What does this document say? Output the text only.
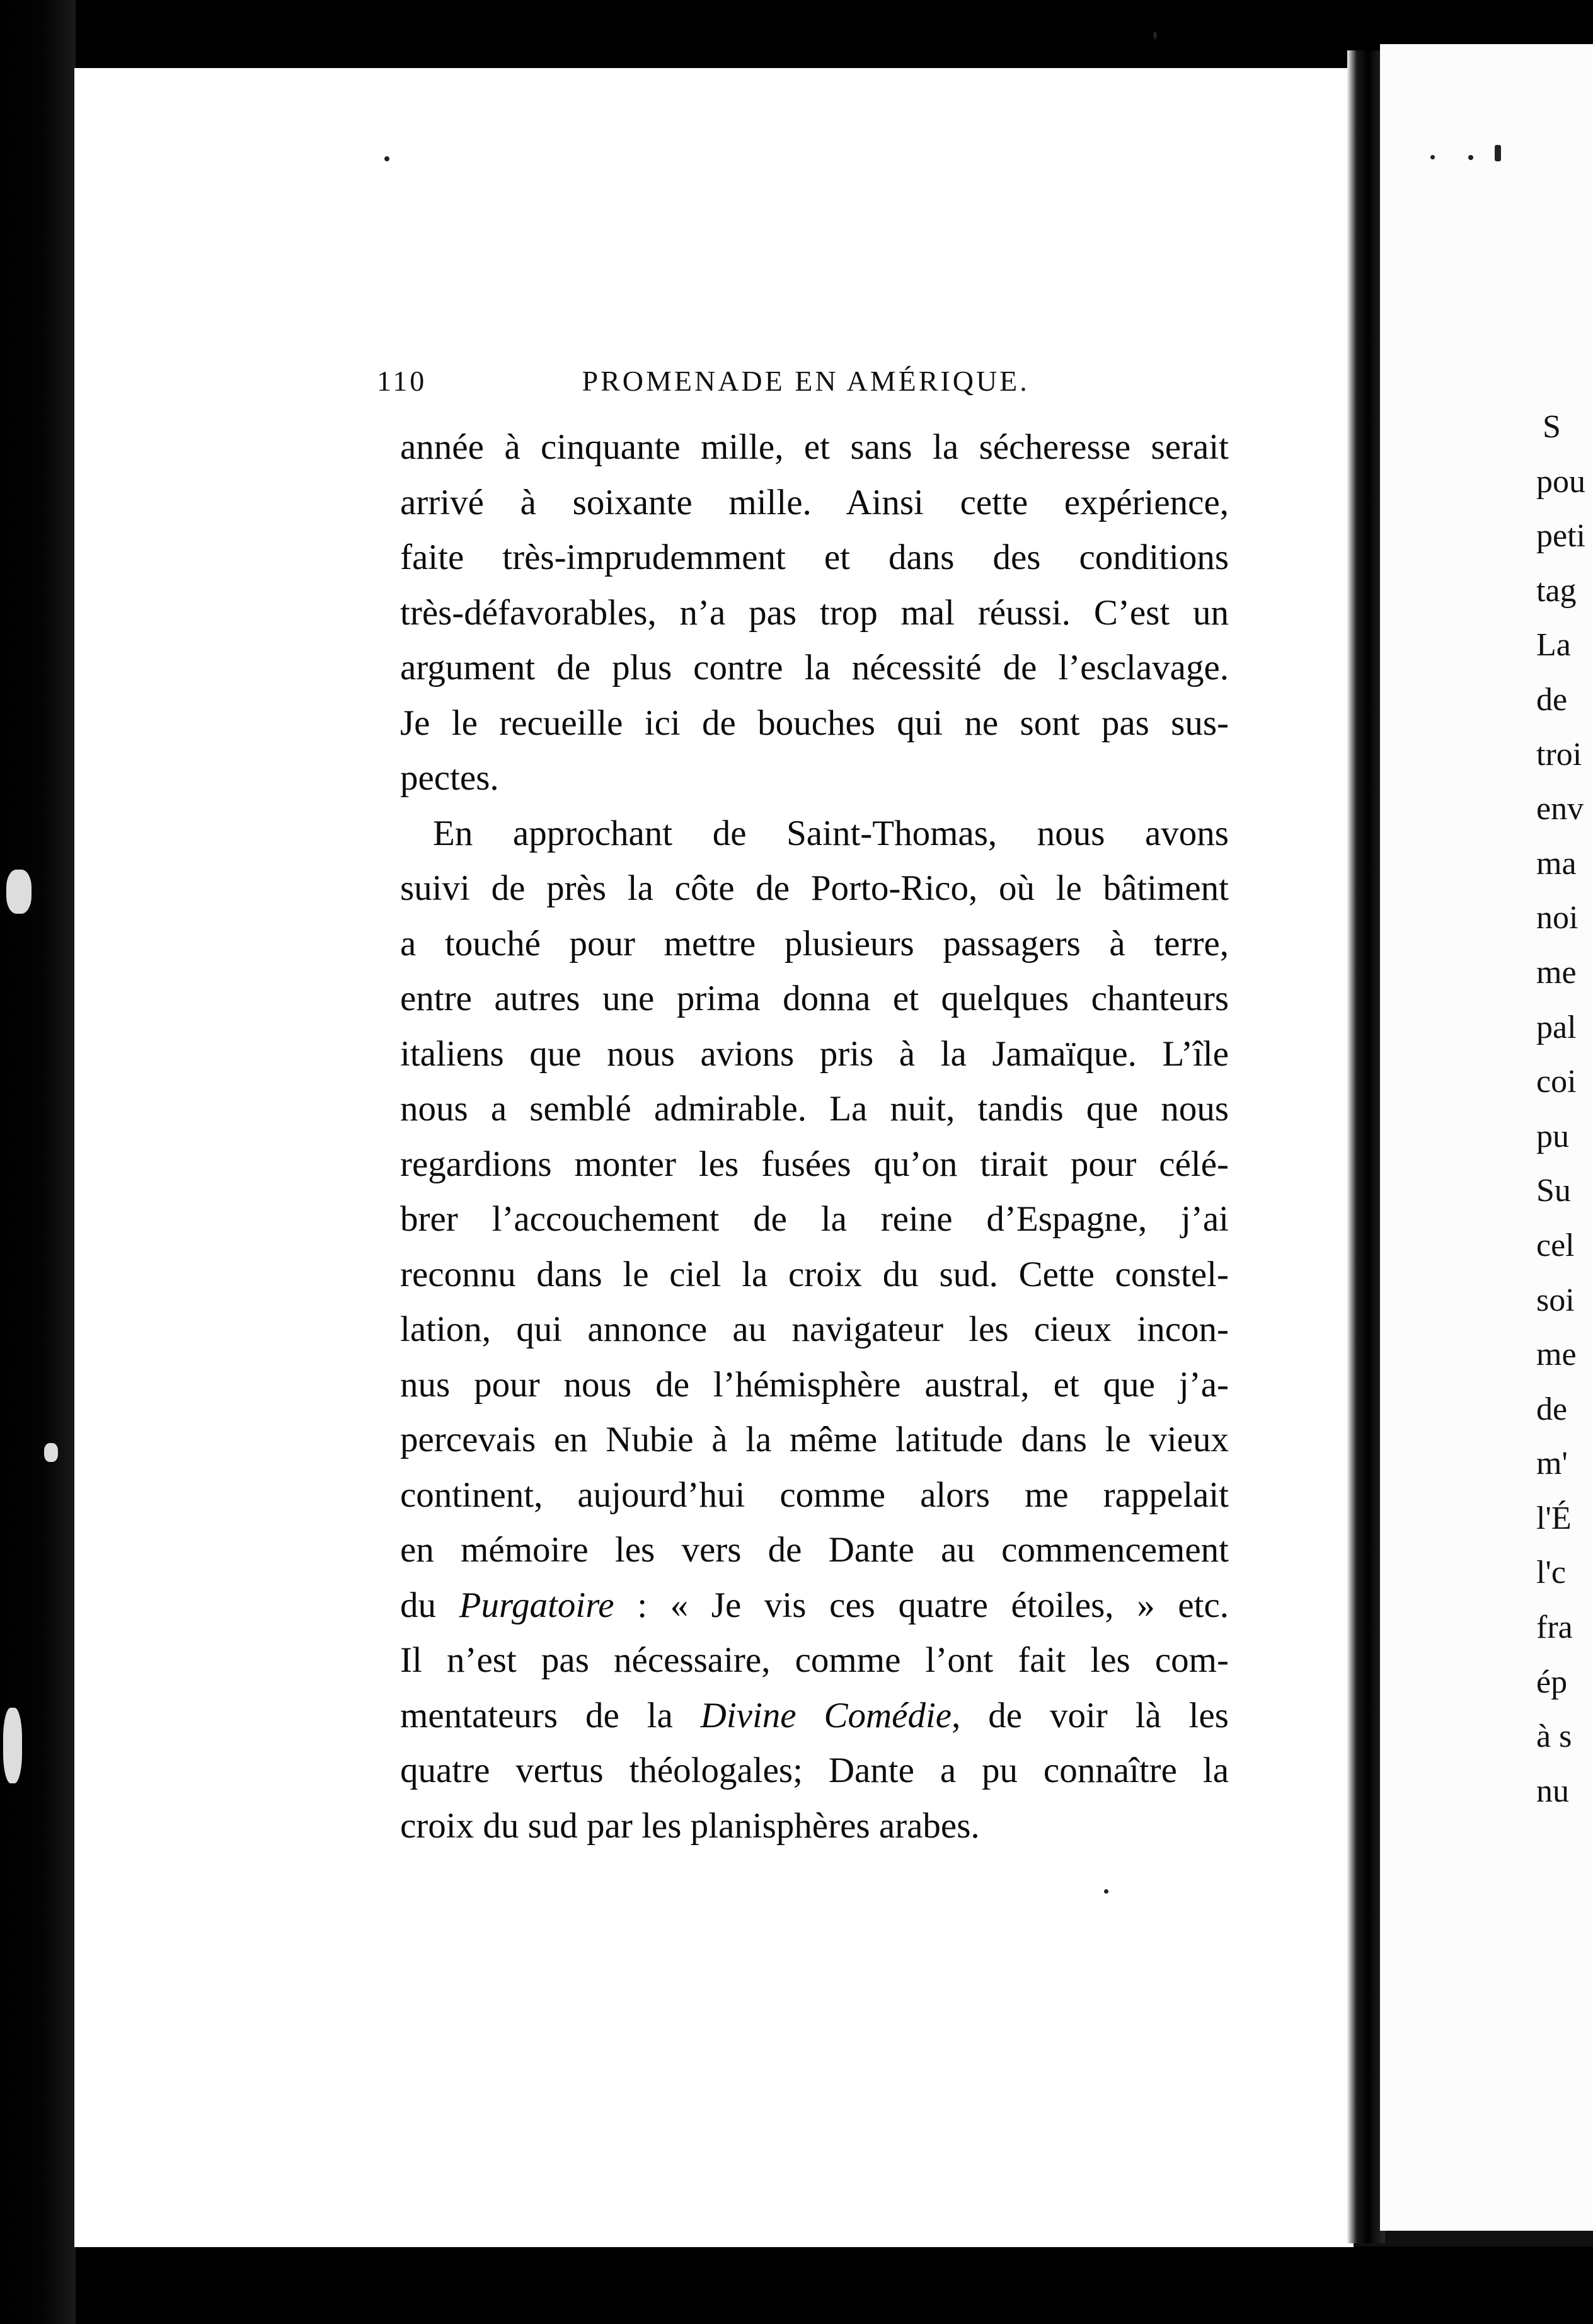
110	PROMENADE EN AMÉRIQUE.
année à cinquante mille, et sans la sécheresse serait
arrivé à soixante mille. Ainsi cette expérience,
faite très-imprudemment et dans des conditions
très-défavorables, n’a pas trop mal réussi. C’est un
argument de plus contre la nécessité de l’esclavage.
Je le recueille ici de bouches qui ne sont pas sus-
pectes.
En approchant de Saint-Thomas, nous avons
suivi de près la côte de Porto-Rico, où le bâtiment
a touché pour mettre plusieurs passagers à terre,
entre autres une prima donna et quelques chanteurs
italiens que nous avions pris à la Jamaïque. L’île
nous a semblé admirable. La nuit, tandis que nous
regardions monter les fusées qu’on tirait pour célé-
brer l’accouchement de la reine d’Espagne, j’ai
reconnu dans le ciel la croix du sud. Cette constel-
lation, qui annonce au navigateur les cieux incon-
nus pour nous de l’hémisphère austral, et que j’a-
percevais en Nubie à la même latitude dans le vieux
continent, aujourd’hui comme alors me rappelait
en mémoire les vers de Dante au commencement
du Purgatoire : « Je vis ces quatre étoiles, » etc.
Il n’est pas nécessaire, comme l’ont fait les com-
mentateurs de la Divine Comédie, de voir là les
quatre vertus théologales; Dante a pu connaître la
croix du sud par les planisphères arabes.
S
pou
peti
tag
La
de
troi
env
ma
noi
me
pal
coi
pu
Su
cel
soi
me
de
m'
l'É
l'c
fra
ép
à s
nu
